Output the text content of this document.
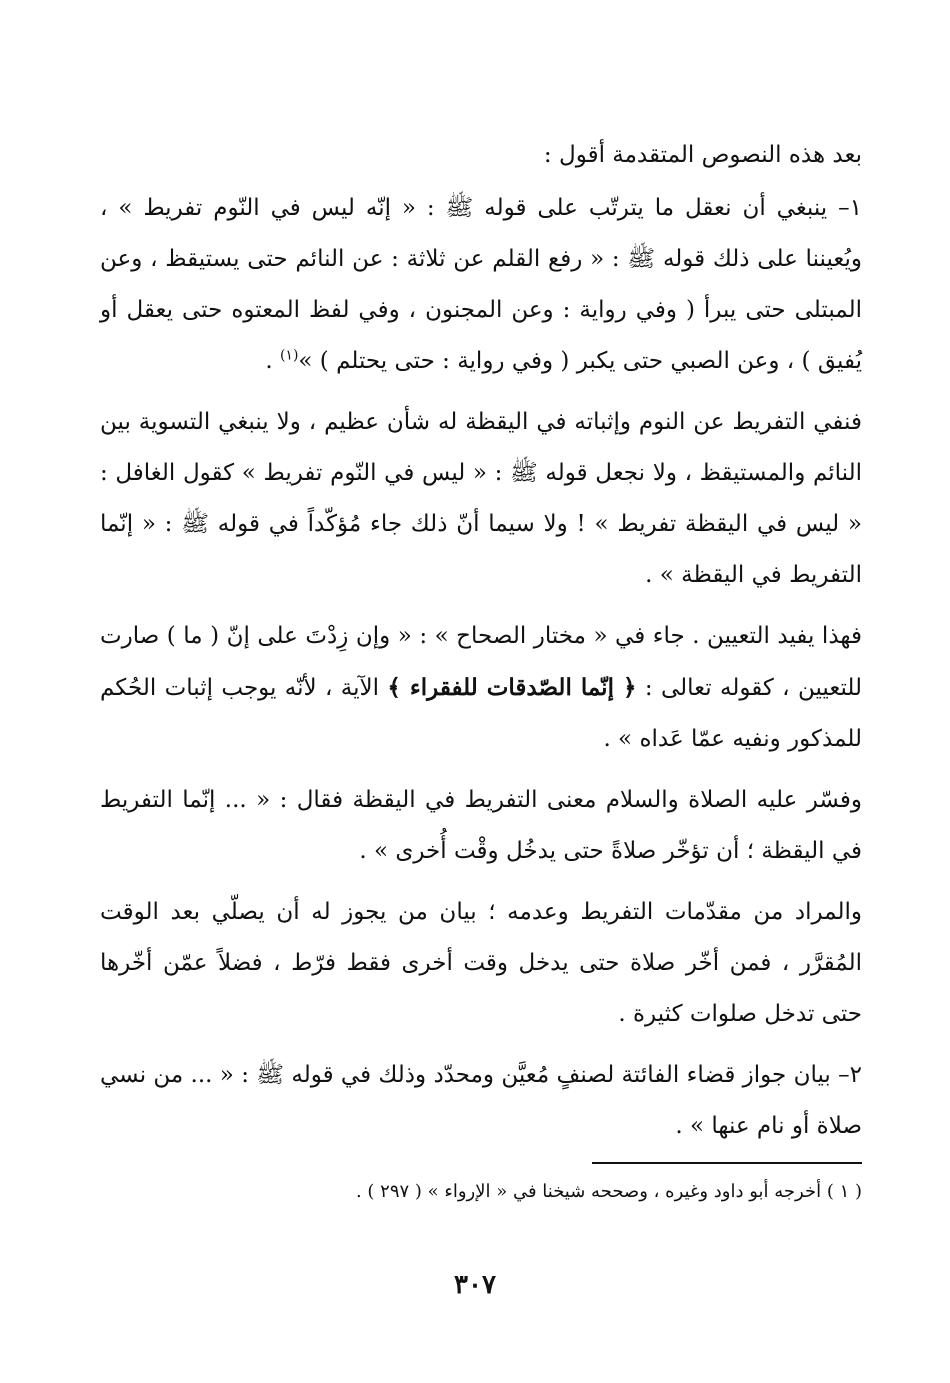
بعد هذه النصوص المتقدمة أقول :

١– ينبغي أن نعقل ما يترتّب على قوله ﷺ : « إنّه ليس في النّوم تفريط » ، ويُعيننا على ذلك قوله ﷺ : « رفع القلم عن ثلاثة : عن النائم حتى يستيقظ ، وعن المبتلى حتى يبرأ ( وفي رواية : وعن المجنون ، وفي لفظ المعتوه حتى يعقل أو يُفيق ) ، وعن الصبي حتى يكبر ( وفي رواية : حتى يحتلم ) »$^{(١)}$ .

فنفي التفريط عن النوم وإثباته في اليقظة له شأن عظيم ، ولا ينبغي التسوية بين النائم والمستيقظ ، ولا نجعل قوله ﷺ : « ليس في النّوم تفريط » كقول الغافل : « ليس في اليقظة تفريط » ! ولا سيما أنّ ذلك جاء مُؤكّداً في قوله ﷺ : « إنّما التفريط في اليقظة » .

فهذا يفيد التعيين . جاء في « مختار الصحاح » : « وإن زِدْتَ على إنّ ( ما ) صارت للتعيين ، كقوله تعالى : ﴿ إنّما الصّدقات للفقراء ﴾ الآية ، لأنّه يوجب إثبات الحُكم للمذكور ونفيه عمّا عَداه » .

وفسّر عليه الصلاة والسلام معنى التفريط في اليقظة فقال : « ... إنّما التفريط في اليقظة ؛ أن تؤخّر صلاةً حتى يدخُل وقْت أُخرى » .

والمراد من مقدّمات التفريط وعدمه ؛ بيان من يجوز له أن يصلّي بعد الوقت المُقرَّر ، فمن أخّر صلاة حتى يدخل وقت أخرى فقط فرّط ، فضلاً عمّن أخّرها حتى تدخل صلوات كثيرة .

٢– بيان جواز قضاء الفائتة لصنفٍ مُعيَّن ومحدّد وذلك في قوله ﷺ : « ... من نسي صلاة أو نام عنها » .

( ١ ) أخرجه أبو داود وغيره ، وصححه شيخنا في « الإرواء » ( ٢٩٧ ) .

٣٠٧
